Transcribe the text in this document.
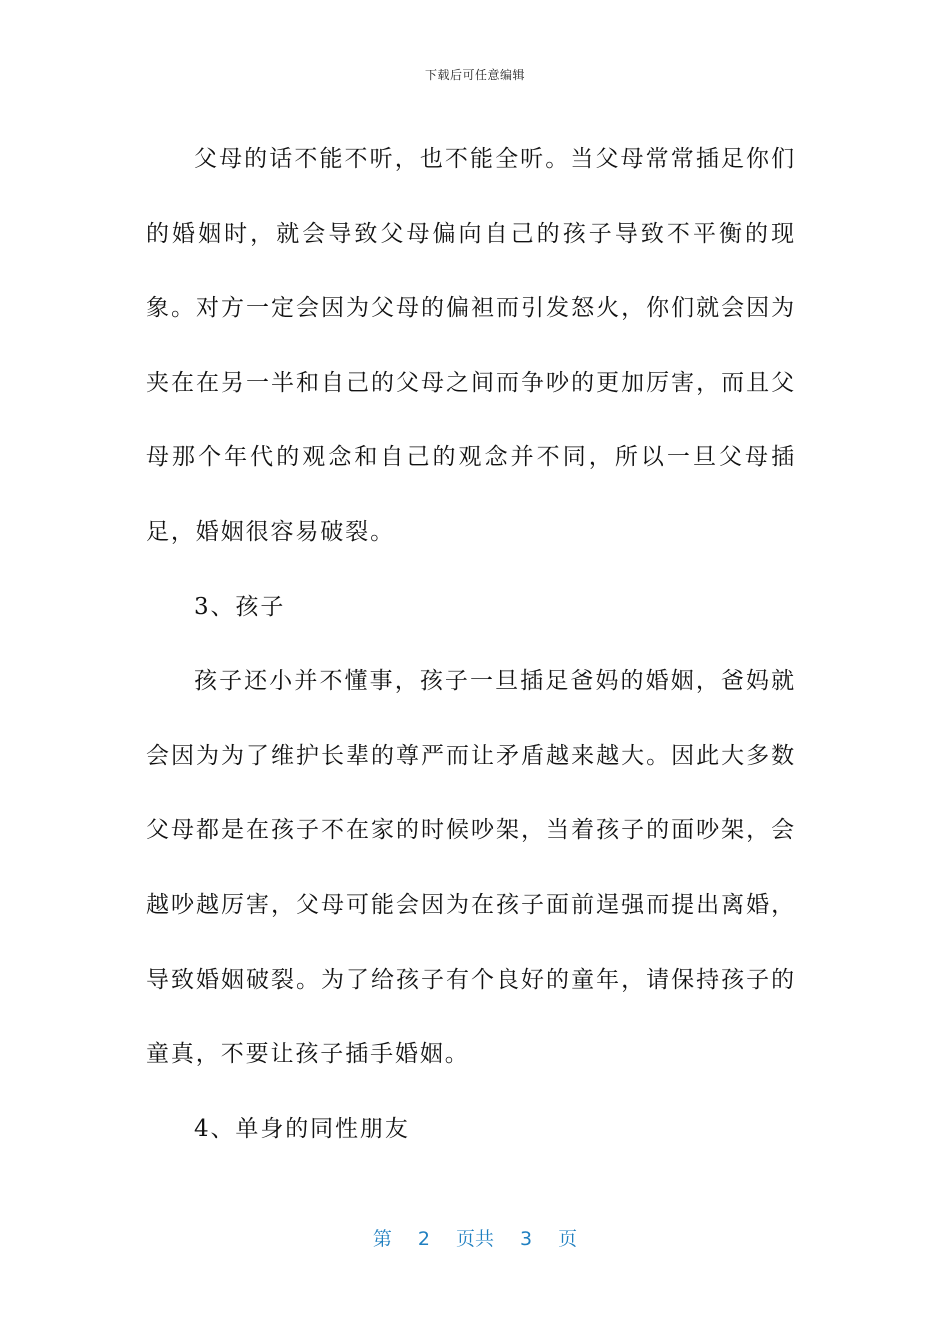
下载后可任意编辑

父母的话不能不听，也不能全听。当父母常常插足你们的婚姻时，就会导致父母偏向自己的孩子导致不平衡的现象。对方一定会因为父母的偏袒而引发怒火，你们就会因为夹在在另一半和自己的父母之间而争吵的更加厉害，而且父母那个年代的观念和自己的观念并不同，所以一旦父母插足，婚姻很容易破裂。

3、孩子

孩子还小并不懂事，孩子一旦插足爸妈的婚姻，爸妈就会因为为了维护长辈的尊严而让矛盾越来越大。因此大多数父母都是在孩子不在家的时候吵架，当着孩子的面吵架，会越吵越厉害，父母可能会因为在孩子面前逞强而提出离婚，导致婚姻破裂。为了给孩子有个良好的童年，请保持孩子的童真，不要让孩子插手婚姻。

4、单身的同性朋友

第 2 页共 3 页
